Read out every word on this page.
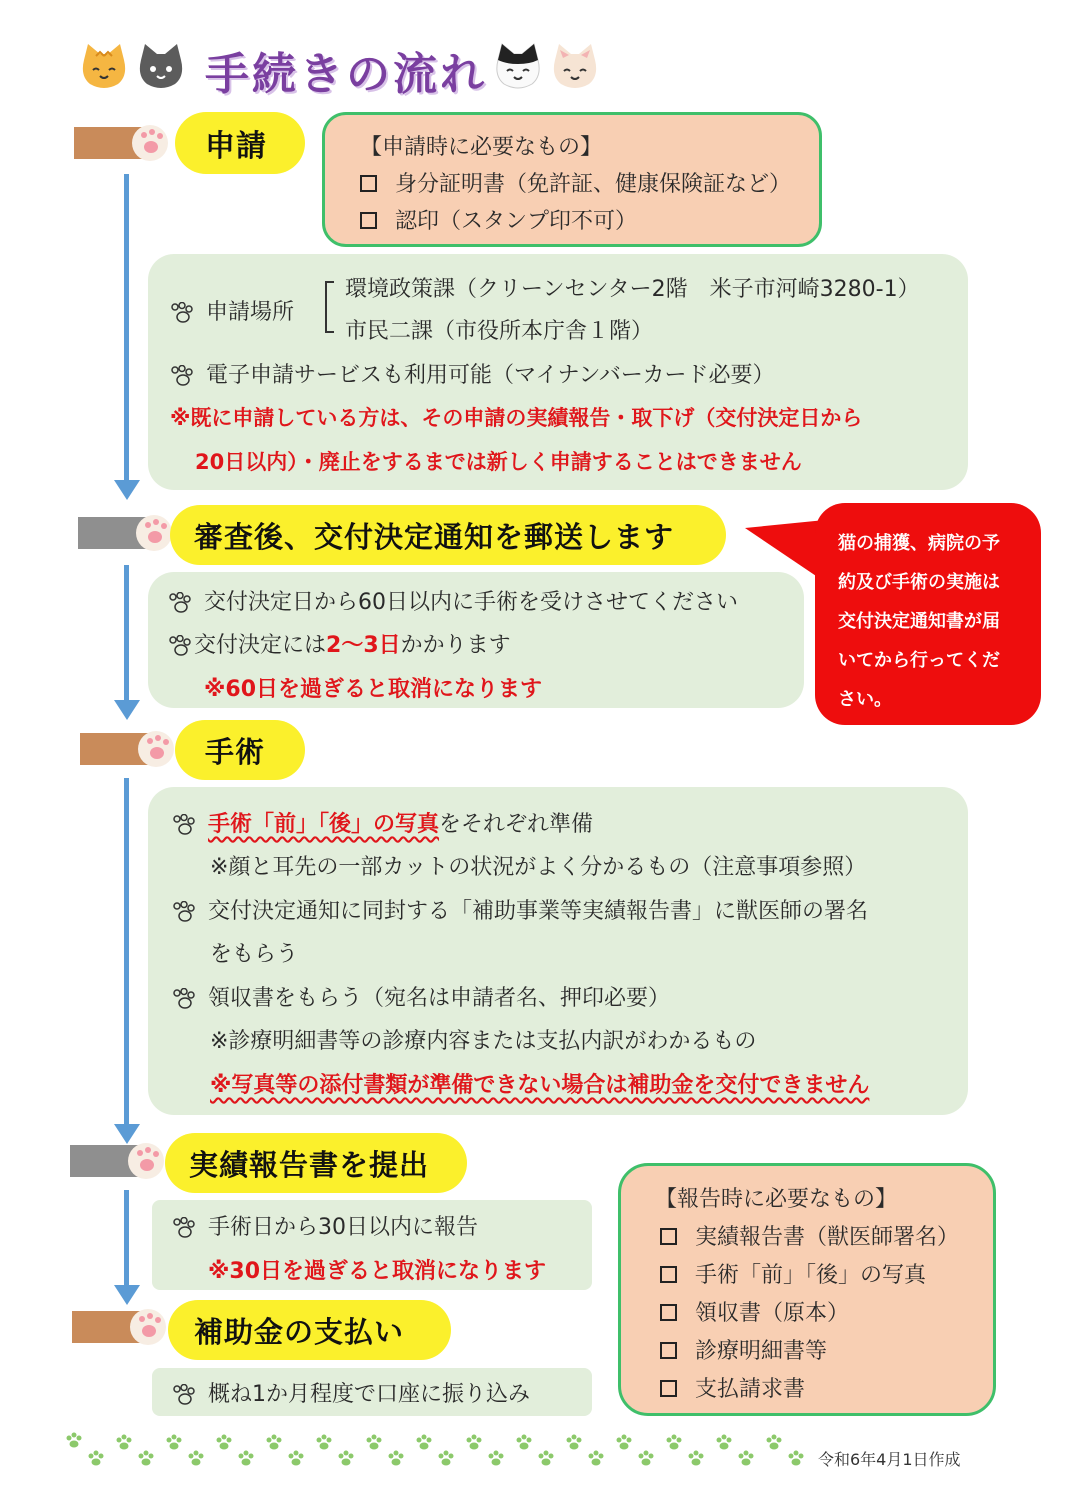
手続きの流れ
申請	【申請時に必要なもの】
身分証明書（免許証、健康保険証など）
認印（スタンプ印不可）
申請場所
環境政策課（クリーンセンター2階　米子市河崎3280-1）
市民二課（市役所本庁舎１階）
電子申請サービスも利用可能（マイナンバーカード必要）
※既に申請している方は、その申請の実績報告・取下げ（交付決定日から
20日以内）・廃止をするまでは新しく申請することはできません
審査後、交付決定通知を郵送します
交付決定日から60日以内に手術を受けさせてください
交付決定には2～3日かかります
※60日を過ぎると取消になります
猫の捕獲、病院の予
約及び手術の実施は
交付決定通知書が届
いてから行ってくだ
さい。
手術
手術「前」「後」の写真をそれぞれ準備
※顔と耳先の一部カットの状況がよく分かるもの（注意事項参照）
交付決定通知に同封する「補助事業等実績報告書」に獣医師の署名
をもらう
領収書をもらう（宛名は申請者名、押印必要）
※診療明細書等の診療内容または支払内訳がわかるもの
※写真等の添付書類が準備できない場合は補助金を交付できません
実績報告書を提出
手術日から30日以内に報告
※30日を過ぎると取消になります
補助金の支払い
概ね1か月程度で口座に振り込み
【報告時に必要なもの】
実績報告書（獣医師署名）
手術「前」「後」の写真
領収書（原本）
診療明細書等
支払請求書
令和6年4月1日作成
